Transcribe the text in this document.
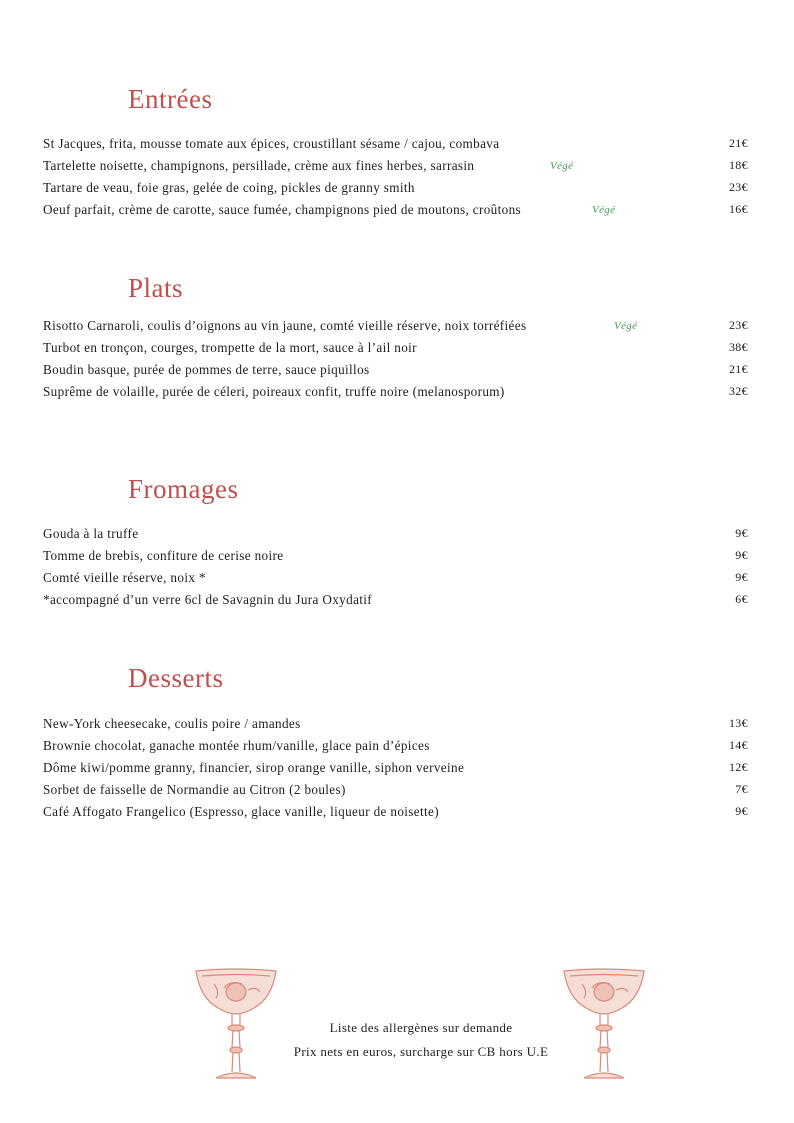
Entrées
St Jacques, frita, mousse tomate aux épices, croustillant sésame / cajou, combava	21€
Tartelette noisette, champignons, persillade, crème aux fines herbes, sarrasin	Végé	18€
Tartare de veau, foie gras, gelée de coing, pickles de granny smith	23€
Oeuf parfait, crème de carotte, sauce fumée, champignons pied de moutons, croûtons	Végé	16€
Plats
Risotto Carnaroli, coulis d’oignons au vin jaune, comté vieille réserve, noix torréfiées	Végé	23€
Turbot en tronçon, courges, trompette de la mort, sauce à l’ail noir	38€
Boudin basque, purée de pommes de terre, sauce piquillos	21€
Suprême de volaille, purée de céleri, poireaux confit, truffe noire (melanosporum)	32€
Fromages
Gouda à la truffe	9€
Tomme de brebis, confiture de cerise noire	9€
Comté vieille réserve, noix *	9€
*accompagné d’un verre 6cl de Savagnin du Jura Oxydatif	6€
Desserts
New-York cheesecake, coulis poire / amandes	13€
Brownie chocolat, ganache montée rhum/vanille, glace pain d’épices	14€
Dôme kiwi/pomme granny, financier, sirop orange vanille, siphon verveine	12€
Sorbet de faisselle de Normandie au Citron (2 boules)	7€
Café Affogato Frangelico (Espresso, glace vanille, liqueur de noisette)	9€
Liste des allergènes sur demande
Prix nets en euros, surcharge sur CB hors U.E
